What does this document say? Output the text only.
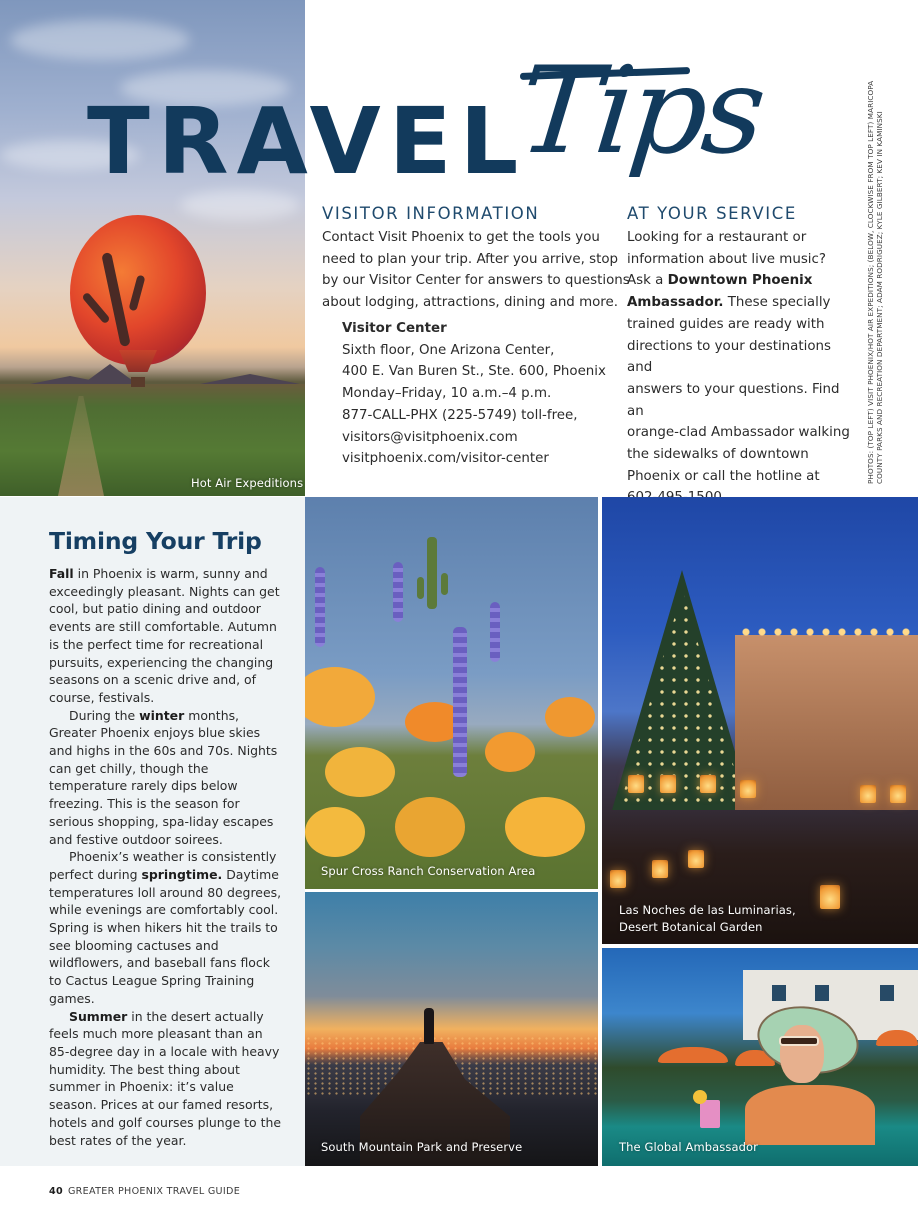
Hot Air Expeditions
TRAVEL
Tips
VISITOR INFORMATION
Contact Visit Phoenix to get the tools you
need to plan your trip. After you arrive, stop
by our Visitor Center for answers to questions
about lodging, attractions, dining and more.
Visitor Center
Sixth floor, One Arizona Center,
400 E. Van Buren St., Ste. 600, Phoenix
Monday–Friday, 10 a.m.–4 p.m.
877-CALL-PHX (225-5749) toll-free,
visitors@visitphoenix.com
visitphoenix.com/visitor-center
AT YOUR SERVICE
Looking for a restaurant or
information about live music?
Ask a Downtown Phoenix
Ambassador. These specially
trained guides are ready with
directions to your destinations and
answers to your questions. Find an
orange-clad Ambassador walking
the sidewalks of downtown
Phoenix or call the hotline at	PHOTOS: (TOP LEFT) VISIT PHOENIX/HOT AIR EXPEDITIONS; (BELOW, CLOCKWISE FROM TOP LEFT) MARICOPA COUNTY PARKS AND RECREATION DEPARTMENT; ADAM RODRIGUEZ; KYLE GILBERT; KEV IN KAMINSKI
Timing Your Trip

Fall in Phoenix is warm, sunny and exceedingly pleasant. Nights can get cool, but patio dining and outdoor events are still comfortable. Autumn is the perfect time for recreational pursuits, experiencing the changing seasons on a scenic drive and, of course, festivals.

During the winter months, Greater Phoenix enjoys blue skies and highs in the 60s and 70s. Nights can get chilly, though the temperature rarely dips below freezing. This is the season for serious shopping, spa-liday escapes and festive outdoor soirees.

Phoenix’s weather is consistently perfect during springtime. Daytime temperatures loll around 80 degrees, while evenings are comfortably cool. Spring is when hikers hit the trails to see blooming cactuses and wildflowers, and baseball fans flock to Cactus League Spring Training games.

Summer in the desert actually feels much more pleasant than an 85-degree day in a locale with heavy humidity. The best thing about summer in Phoenix: it’s value season. Prices at our famed resorts, hotels and golf courses plunge to the best rates of the year.

Spur Cross Ranch Conservation Area
Las Noches de las Luminarias,
Desert Botanical Garden
South Mountain Park and Preserve	The Global Ambassador
40 GREATER PHOENIX TRAVEL GUIDE
